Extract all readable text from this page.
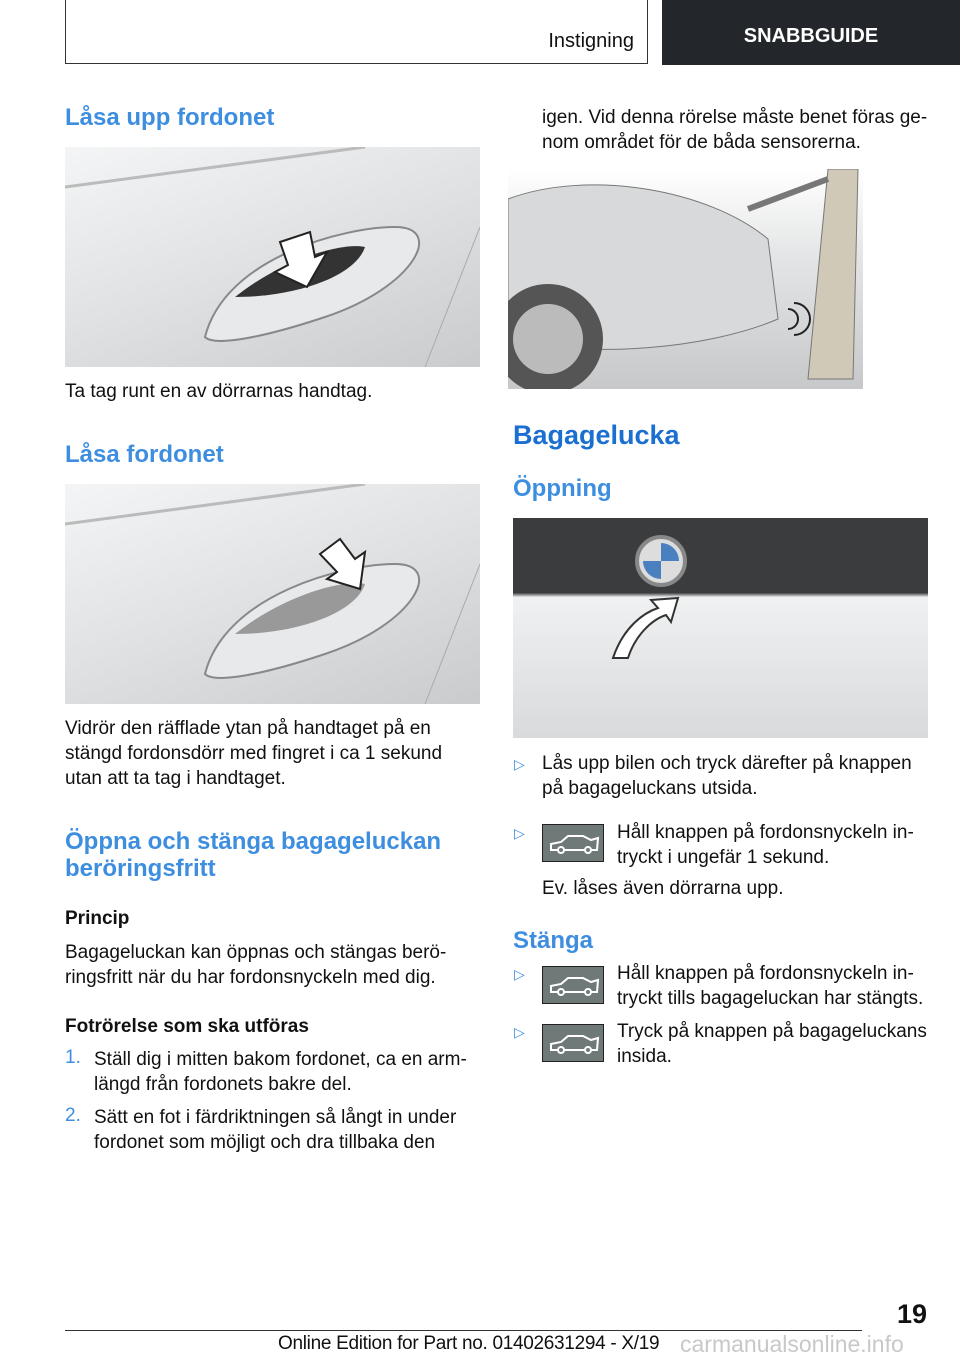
Instigning	SNABBGUIDE
Låsa upp fordonet
Ta tag runt en av dörrarnas handtag.
Låsa fordonet
Vidrör den räfflade ytan på handtaget på en
stängd fordonsdörr med fingret i ca 1 sekund
utan att ta tag i handtaget.
Öppna och stänga bagageluckan
beröringsfritt
Princip
Bagageluckan kan öppnas och stängas berö-
ringsfritt när du har fordonsnyckeln med dig.
Fotrörelse som ska utföras
1. Ställ dig i mitten bakom fordonet, ca en arm-
längd från fordonets bakre del.
2. Sätt en fot i färdriktningen så långt in under
fordonet som möjligt och dra tillbaka den
igen. Vid denna rörelse måste benet föras ge-
nom området för de båda sensorerna.
Bagagelucka
Öppning
▷ Lås upp bilen och tryck därefter på knappen
på bagageluckans utsida.
▷	Håll knappen på fordonsnyckeln in-
tryckt i ungefär 1 sekund.
Ev. låses även dörrarna upp.
Stänga
▷	Håll knappen på fordonsnyckeln in-
tryckt tills bagageluckan har stängts.
▷	Tryck på knappen på bagageluckans
insida.
19
Online Edition for Part no. 01402631294 - X/19 carmanualsonline.info
